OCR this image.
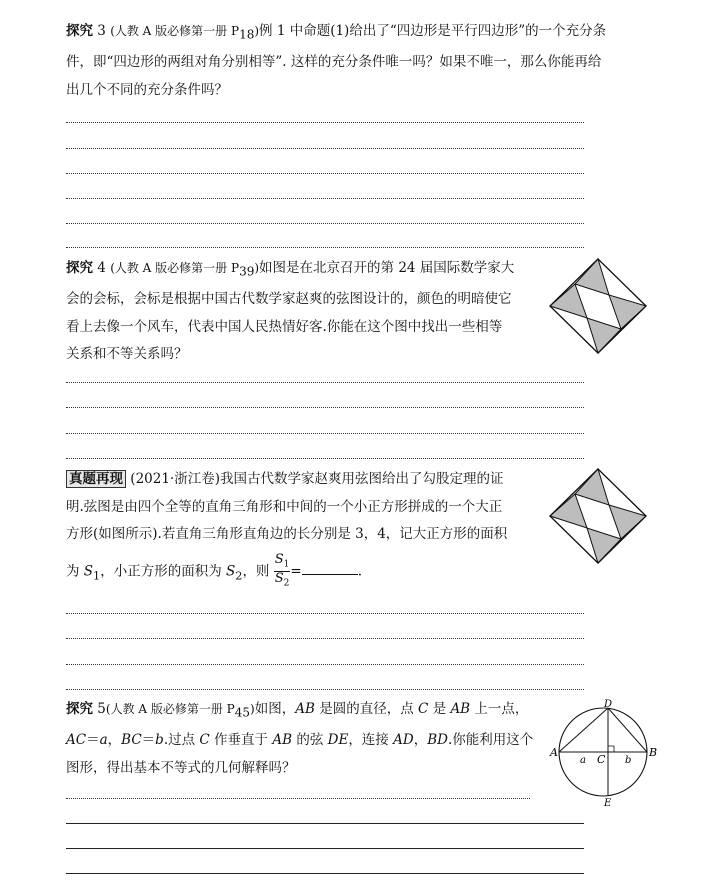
探究 3 (人教 A 版必修第一册 $P_{18}$)例 1 中命题(1)给出了“四边形是平行四边形”的一个充分条

件，即“四边形的两组对角分别相等”. 这样的充分条件唯一吗？如果不唯一，那么你能再给

出几个不同的充分条件吗？

探究 4 (人教 A 版必修第一册 $P_{39}$)如图是在北京召开的第 24 届国际数学家大

会的会标，会标是根据中国古代数学家赵爽的弦图设计的，颜色的明暗使它

看上去像一个风车，代表中国人民热情好客.你能在这个图中找出一些相等

关系和不等关系吗？

真题再现 (2021·浙江卷)我国古代数学家赵爽用弦图给出了勾股定理的证

明.弦图是由四个全等的直角三角形和中间的一个小正方形拼成的一个大正

方形(如图所示).若直角三角形直角边的长分别是 3，4，记大正方形的面积

为 $S_1$，小正方形的面积为 $S_2$，则 $\frac{S_1}{S_2}$ =	.

探究 5(人教 A 版必修第一册 $P_{45}$)如图，AB 是圆的直径，点 C 是 AB 上一点，

AC＝a，BC＝b.过点 C 作垂直于 AB 的弦 DE，连接 AD，BD.你能利用这个

图形，得出基本不等式的几何解释吗？

A	B
C
D
E
a	b
